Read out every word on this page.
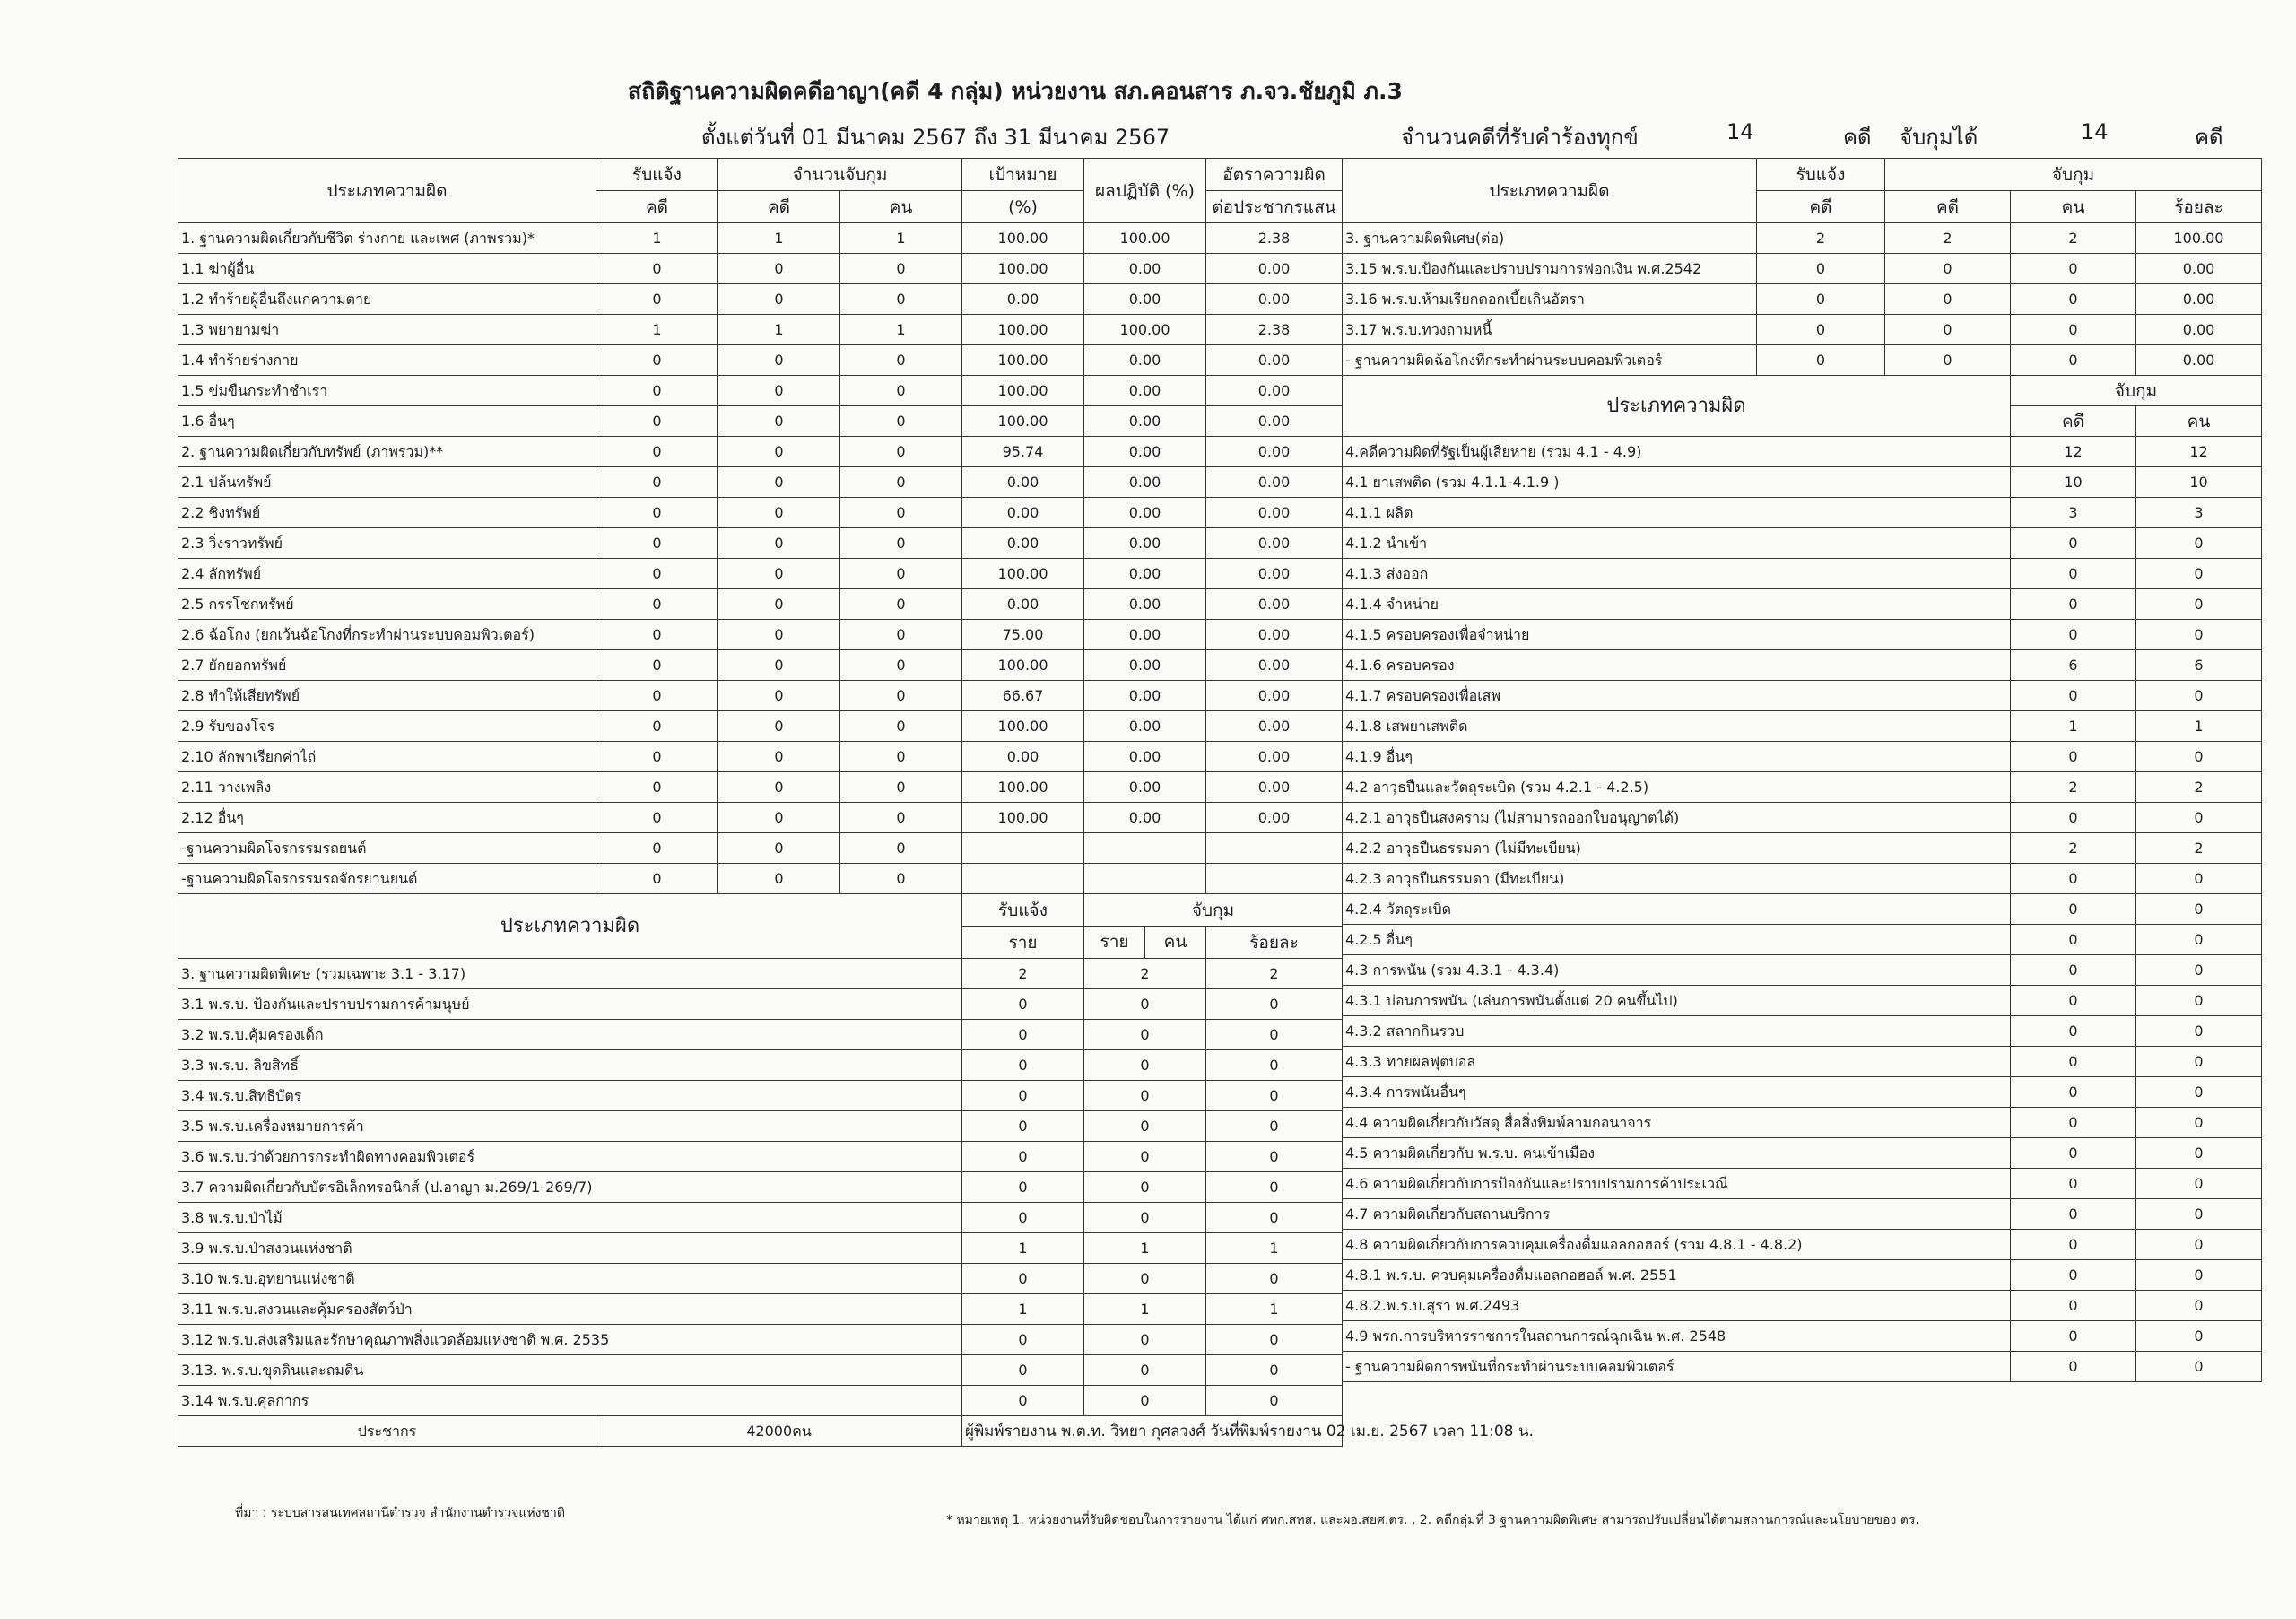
สถิติฐานความผิดคดีอาญา(คดี 4 กลุ่ม) หน่วยงาน สภ.คอนสาร ภ.จว.ชัยภูมิ ภ.3
ตั้งแต่วันที่ 01 มีนาคม 2567 ถึง 31 มีนาคม 2567	จำนวนคดีที่รับคำร้องทุกข์	14	คดี จับกุมได้	14	คดี
ประเภทความผิด	รับแจ้ง	จำนวนจับกุม		เป้าหมาย	ผลปฏิบัติ (%)	อัตราความผิด	
	คดี	คดี	คน	(%)		ต่อประชากรแสน	
1. ฐานความผิดเกี่ยวกับชีวิต ร่างกาย และเพศ (ภาพรวม)*	1	1	1	100.00	100.00	2.38	
1.1 ฆ่าผู้อื่น	0	0	0	100.00	0.00	0.00	
1.2 ทำร้ายผู้อื่นถึงแก่ความตาย	0	0	0	0.00	0.00	0.00	
1.3 พยายามฆ่า	1	1	1	100.00	100.00	2.38	
1.4 ทำร้ายร่างกาย	0	0	0	100.00	0.00	0.00	
1.5 ข่มขืนกระทำชำเรา	0	0	0	100.00	0.00	0.00	
1.6 อื่นๆ	0	0	0	100.00	0.00	0.00	
2. ฐานความผิดเกี่ยวกับทรัพย์ (ภาพรวม)**	0	0	0	95.74	0.00	0.00	
2.1 ปล้นทรัพย์	0	0	0	0.00	0.00	0.00	
2.2 ชิงทรัพย์	0	0	0	0.00	0.00	0.00	
2.3 วิ่งราวทรัพย์	0	0	0	0.00	0.00	0.00	
2.4 ลักทรัพย์	0	0	0	100.00	0.00	0.00	
2.5 กรรโชกทรัพย์	0	0	0	0.00	0.00	0.00	
2.6 ฉ้อโกง (ยกเว้นฉ้อโกงที่กระทำผ่านระบบคอมพิวเตอร์)	0	0	0	75.00	0.00	0.00	
2.7 ยักยอกทรัพย์	0	0	0	100.00	0.00	0.00	
2.8 ทำให้เสียทรัพย์	0	0	0	66.67	0.00	0.00	
2.9 รับของโจร	0	0	0	100.00	0.00	0.00	
2.10 ลักพาเรียกค่าไถ่	0	0	0	0.00	0.00	0.00	
2.11 วางเพลิง	0	0	0	100.00	0.00	0.00	
2.12 อื่นๆ	0	0	0	100.00	0.00	0.00	
-ฐานความผิดโจรกรรมรถยนต์	0	0	0				
-ฐานความผิดโจรกรรมรถจักรยานยนต์	0	0	0				
ประเภทความผิด				รับแจ้ง	จับกุม		
				ราย	ราย คน	ร้อยละ	
3. ฐานความผิดพิเศษ (รวมเฉพาะ 3.1 - 3.17)				2	2	2	
3.1 พ.ร.บ. ป้องกันและปราบปรามการค้ามนุษย์				0	0	0	
3.2 พ.ร.บ.คุ้มครองเด็ก				0	0	0	
3.3 พ.ร.บ. ลิขสิทธิ์				0	0	0	
3.4 พ.ร.บ.สิทธิบัตร				0	0	0	
3.5 พ.ร.บ.เครื่องหมายการค้า				0	0	0	
3.6 พ.ร.บ.ว่าด้วยการกระทำผิดทางคอมพิวเตอร์				0	0	0	
3.7 ความผิดเกี่ยวกับบัตรอิเล็กทรอนิกส์ (ป.อาญา ม.269/1-269/7)				0	0	0	
3.8 พ.ร.บ.ป่าไม้				0	0	0	
3.9 พ.ร.บ.ป่าสงวนแห่งชาติ				1	1	1	
3.10 พ.ร.บ.อุทยานแห่งชาติ				0	0	0	
3.11 พ.ร.บ.สงวนและคุ้มครองสัตว์ป่า				1	1	1	
3.12 พ.ร.บ.ส่งเสริมและรักษาคุณภาพสิ่งแวดล้อมแห่งชาติ พ.ศ. 2535				0	0	0	
3.13. พ.ร.บ.ขุดดินและถมดิน				0	0	0	
3.14 พ.ร.บ.ศุลกากร				0	0	0	
ประชากร	42000คน			ผู้พิมพ์รายงาน พ.ต.ท. วิทยา กุศลวงศ์ วันที่พิมพ์รายงาน 02 เม.ย. 2567 เวลา 11:08 น.			
ประเภทความผิด	รับแจ้ง	จับกุม		
	คดี	คดี	คน	ร้อยละ
3. ฐานความผิดพิเศษ(ต่อ)	2	2	2	100.00
3.15 พ.ร.บ.ป้องกันและปราบปรามการฟอกเงิน พ.ศ.2542	0	0	0	0.00
3.16 พ.ร.บ.ห้ามเรียกดอกเบี้ยเกินอัตรา	0	0	0	0.00
3.17 พ.ร.บ.ทวงถามหนี้	0	0	0	0.00
- ฐานความผิดฉ้อโกงที่กระทำผ่านระบบคอมพิวเตอร์	0	0	0	0.00
ประเภทความผิด			จับกุม	
			คดี	คน
4.คดีความผิดที่รัฐเป็นผู้เสียหาย (รวม 4.1 - 4.9)			12	12
4.1 ยาเสพติด (รวม 4.1.1-4.1.9 )			10	10
4.1.1 ผลิต			3	3
4.1.2 นำเข้า			0	0
4.1.3 ส่งออก			0	0
4.1.4 จำหน่าย			0	0
4.1.5 ครอบครองเพื่อจำหน่าย			0	0
4.1.6 ครอบครอง			6	6
4.1.7 ครอบครองเพื่อเสพ			0	0
4.1.8 เสพยาเสพติด			1	1
4.1.9 อื่นๆ			0	0
4.2 อาวุธปืนและวัตถุระเบิด (รวม 4.2.1 - 4.2.5)			2	2
4.2.1 อาวุธปืนสงคราม (ไม่สามารถออกใบอนุญาตได้)			0	0
4.2.2 อาวุธปืนธรรมดา (ไม่มีทะเบียน)			2	2
4.2.3 อาวุธปืนธรรมดา (มีทะเบียน)			0	0
4.2.4 วัตถุระเบิด			0	0
4.2.5 อื่นๆ			0	0
4.3 การพนัน (รวม 4.3.1 - 4.3.4)			0	0
4.3.1 บ่อนการพนัน (เล่นการพนันตั้งแต่ 20 คนขึ้นไป)			0	0
4.3.2 สลากกินรวบ			0	0
4.3.3 ทายผลฟุตบอล			0	0
4.3.4 การพนันอื่นๆ			0	0
4.4 ความผิดเกี่ยวกับวัสดุ สื่อสิ่งพิมพ์ลามกอนาจาร			0	0
4.5 ความผิดเกี่ยวกับ พ.ร.บ. คนเข้าเมือง			0	0
4.6 ความผิดเกี่ยวกับการป้องกันและปราบปรามการค้าประเวณี			0	0
4.7 ความผิดเกี่ยวกับสถานบริการ			0	0
4.8 ความผิดเกี่ยวกับการควบคุมเครื่องดื่มแอลกอฮอร์ (รวม 4.8.1 - 4.8.2)			0	0
4.8.1 พ.ร.บ. ควบคุมเครื่องดื่มแอลกอฮอล์ พ.ศ. 2551			0	0
4.8.2.พ.ร.บ.สุรา พ.ศ.2493			0	0
4.9 พรก.การบริหารราชการในสถานการณ์ฉุกเฉิน พ.ศ. 2548			0	0
- ฐานความผิดการพนันที่กระทำผ่านระบบคอมพิวเตอร์			0	0
ที่มา : ระบบสารสนเทศสถานีตำรวจ สำนักงานตำรวจแห่งชาติ	* หมายเหตุ 1. หน่วยงานที่รับผิดชอบในการรายงาน ได้แก่ ศทก.สทส. และผอ.สยศ.ตร. , 2. คดีกลุ่มที่ 3 ฐานความผิดพิเศษ สามารถปรับเปลี่ยนได้ตามสถานการณ์และนโยบายของ ตร.
